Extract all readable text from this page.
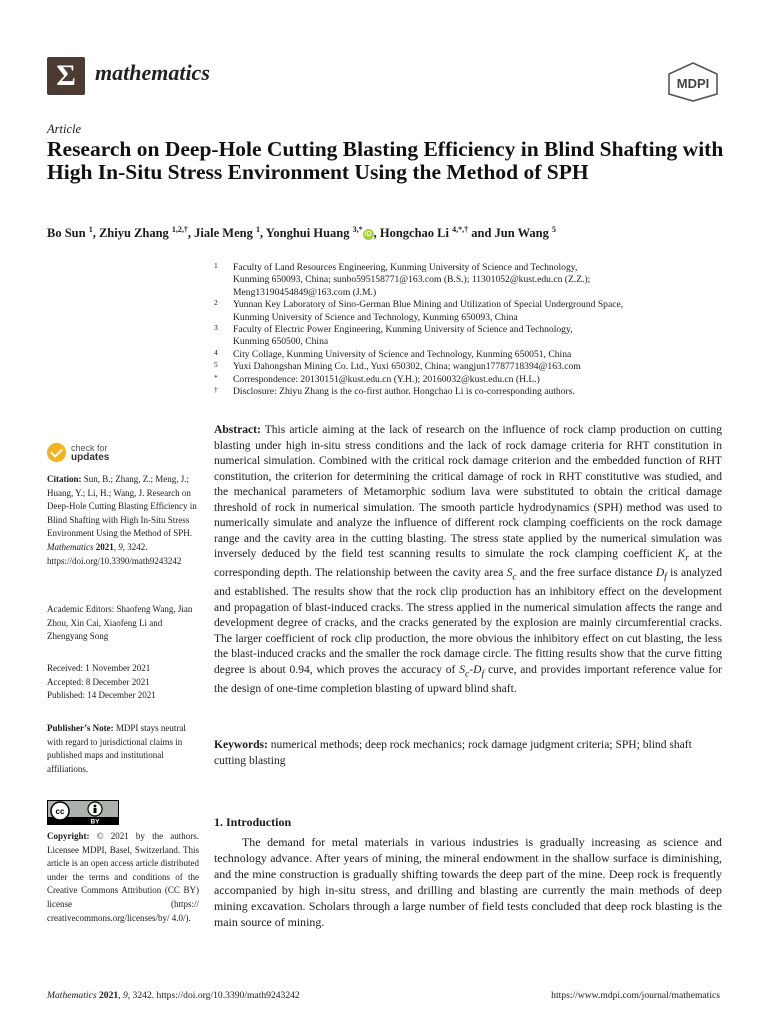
Σ mathematics	MDPI
Article
Research on Deep-Hole Cutting Blasting Efficiency in Blind Shafting with High In-Situ Stress Environment Using the Method of SPH
Bo Sun $^1$, Zhiyu Zhang $^{1,2,\dagger}$, Jiale Meng $^1$, Yonghui Huang $^{3,*}$iD , Hongchao Li $^{4,*,\dagger}$ and Jun Wang $^5$
1 Faculty of Land Resources Engineering, Kunming University of Science and Technology,
Kunming 650093, China; sunbo595158771@163.com (B.S.); 11301052@kust.edu.cn (Z.Z.);
Meng13190454849@163.com (J.M.)
2 Yunnan Key Laboratory of Sino-German Blue Mining and Utilization of Special Underground Space,
Kunming University of Science and Technology, Kunming 650093, China
3 Faculty of Electric Power Engineering, Kunming University of Science and Technology,
Kunming 650500, China
4 City Collage, Kunming University of Science and Technology, Kunming 650051, China
5 Yuxi Dahongshan Mining Co. Ltd., Yuxi 650302, China; wangjun17787718394@163.com
* Correspondence: 20130151@kust.edu.cn (Y.H.); 20160032@kust.edu.cn (H.L.)
† Disclosure: Zhiyu Zhang is the co-first author. Hongchao Li is co-corresponding authors.
check for
updates
Citation: Sun, B.; Zhang, Z.; Meng, J.; Huang, Y.; Li, H.; Wang, J. Research on Deep-Hole Cutting Blasting Efficiency in Blind Shafting with High In-Situ Stress Environment Using the Method of SPH. Mathematics 2021, 9, 3242. https://doi.org/10.3390/math9243242
Academic Editors: Shaofeng Wang, Jian Zhou, Xin Cai, Xiaofeng Li and Zhengyang Song
Received: 1 November 2021
Accepted: 8 December 2021
Published: 14 December 2021
Publisher’s Note: MDPI stays neutral with regard to jurisdictional claims in published maps and institutional affiliations.
cc
BY
Copyright: © 2021 by the authors. Licensee MDPI, Basel, Switzerland. This article is an open access article distributed under the terms and conditions of the Creative Commons Attribution (CC BY) license (https:// creativecommons.org/licenses/by/ 4.0/).
Abstract: This article aiming at the lack of research on the influence of rock clamp production on cutting blasting under high in-situ stress conditions and the lack of rock damage criteria for RHT constitution in numerical simulation. Combined with the critical rock damage criterion and the embedded function of RHT constitution, the criterion for determining the critical damage of rock in RHT constitutive was studied, and the mechanical parameters of Metamorphic sodium lava were substituted to obtain the critical damage threshold of rock in numerical simulation. The smooth particle hydrodynamics (SPH) method was used to numerically simulate and analyze the influence of different rock clamping coefficients on the rock damage range and the cavity area in the cutting blasting. The stress state applied by the numerical simulation was inversely deduced by the field test scanning results to simulate the rock clamping coefficient $K_r$ at the corresponding depth. The relationship between the cavity area $S_c$ and the free surface distance $D_f$ is analyzed and established. The results show that the rock clip production has an inhibitory effect on the development and propagation of blast-induced cracks. The stress applied in the numerical simulation affects the range and development degree of cracks, and the cracks generated by the explosion are mainly circumferential cracks. The larger coefficient of rock clip production, the more obvious the inhibitory effect on cut blasting, the less the blast-induced cracks and the smaller the rock damage circle. The fitting results show that the curve fitting degree is about 0.94, which proves the accuracy of $S_c-D_f$ curve, and provides important reference value for the design of one-time completion blasting of upward blind shaft.
Keywords: numerical methods; deep rock mechanics; rock damage judgment criteria; SPH; blind shaft cutting blasting
1. Introduction
The demand for metal materials in various industries is gradually increasing as science and technology advance. After years of mining, the mineral endowment in the shallow surface is diminishing, and the mine construction is gradually shifting towards the deep part of the mine. Deep rock is frequently accompanied by high in-situ stress, and drilling and blasting are currently the main methods of deep mining excavation. Scholars through a large number of field tests concluded that deep rock blasting is the main source of mining.
Mathematics 2021, 9, 3242. https://doi.org/10.3390/math9243242	https://www.mdpi.com/journal/mathematics
